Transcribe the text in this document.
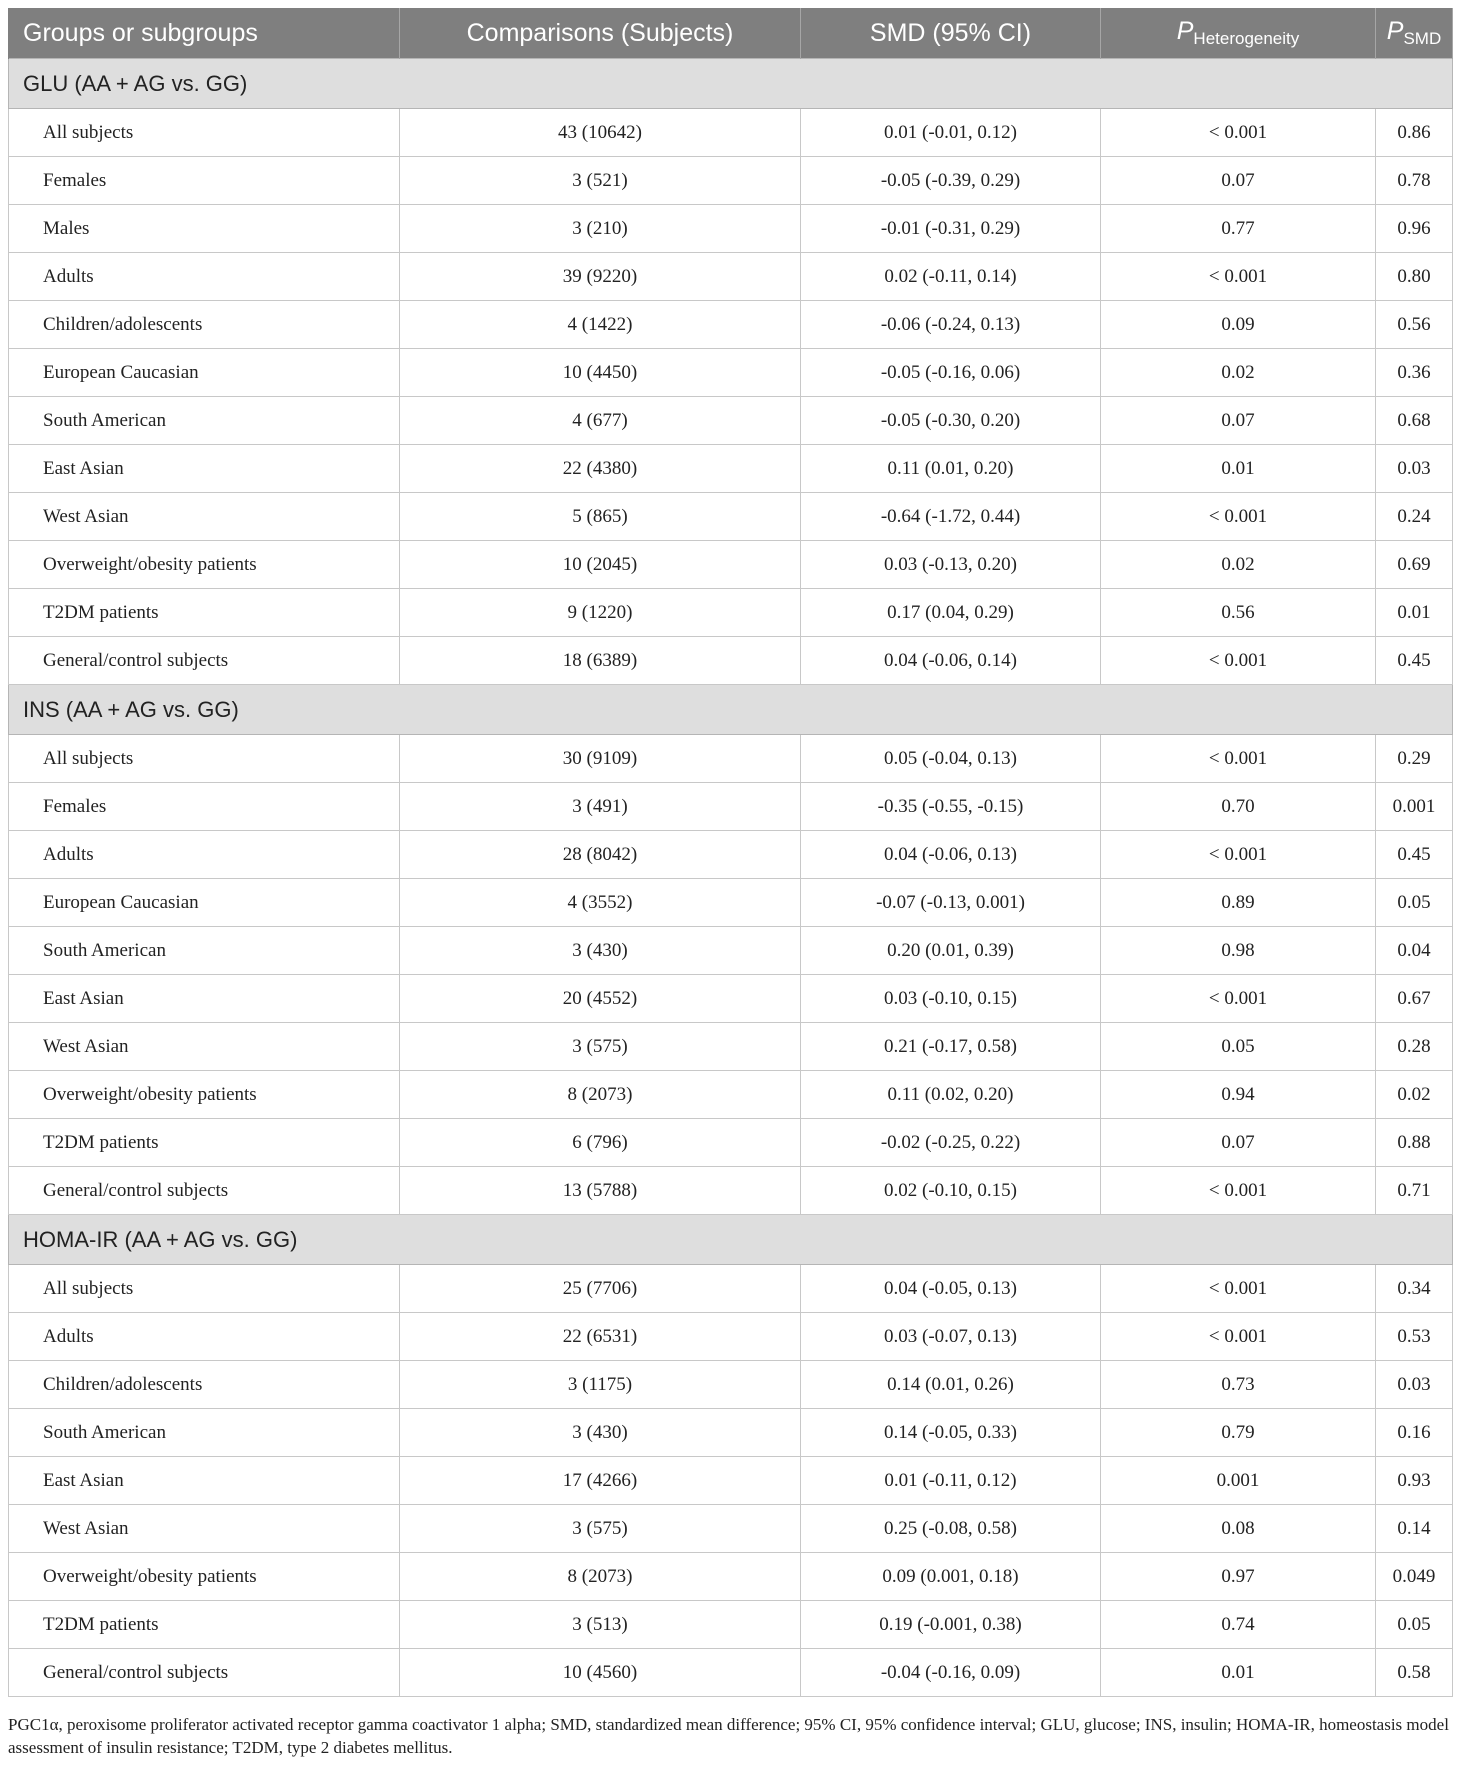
Groups or subgroups	Comparisons (Subjects)	SMD (95% CI)	$P_{Heterogeneity}$	$P_{SMD}$
GLU (AA + AG vs. GG)				
All subjects	43 (10642)	0.01 (-0.01, 0.12)	< 0.001	0.86
Females	3 (521)	-0.05 (-0.39, 0.29)	0.07	0.78
Males	3 (210)	-0.01 (-0.31, 0.29)	0.77	0.96
Adults	39 (9220)	0.02 (-0.11, 0.14)	< 0.001	0.80
Children/adolescents	4 (1422)	-0.06 (-0.24, 0.13)	0.09	0.56
European Caucasian	10 (4450)	-0.05 (-0.16, 0.06)	0.02	0.36
South American	4 (677)	-0.05 (-0.30, 0.20)	0.07	0.68
East Asian	22 (4380)	0.11 (0.01, 0.20)	0.01	0.03
West Asian	5 (865)	-0.64 (-1.72, 0.44)	< 0.001	0.24
Overweight/obesity patients	10 (2045)	0.03 (-0.13, 0.20)	0.02	0.69
T2DM patients	9 (1220)	0.17 (0.04, 0.29)	0.56	0.01
General/control subjects	18 (6389)	0.04 (-0.06, 0.14)	< 0.001	0.45
INS (AA + AG vs. GG)				
All subjects	30 (9109)	0.05 (-0.04, 0.13)	< 0.001	0.29
Females	3 (491)	-0.35 (-0.55, -0.15)	0.70	0.001
Adults	28 (8042)	0.04 (-0.06, 0.13)	< 0.001	0.45
European Caucasian	4 (3552)	-0.07 (-0.13, 0.001)	0.89	0.05
South American	3 (430)	0.20 (0.01, 0.39)	0.98	0.04
East Asian	20 (4552)	0.03 (-0.10, 0.15)	< 0.001	0.67
West Asian	3 (575)	0.21 (-0.17, 0.58)	0.05	0.28
Overweight/obesity patients	8 (2073)	0.11 (0.02, 0.20)	0.94	0.02
T2DM patients	6 (796)	-0.02 (-0.25, 0.22)	0.07	0.88
General/control subjects	13 (5788)	0.02 (-0.10, 0.15)	< 0.001	0.71
HOMA-IR (AA + AG vs. GG)				
All subjects	25 (7706)	0.04 (-0.05, 0.13)	< 0.001	0.34
Adults	22 (6531)	0.03 (-0.07, 0.13)	< 0.001	0.53
Children/adolescents	3 (1175)	0.14 (0.01, 0.26)	0.73	0.03
South American	3 (430)	0.14 (-0.05, 0.33)	0.79	0.16
East Asian	17 (4266)	0.01 (-0.11, 0.12)	0.001	0.93
West Asian	3 (575)	0.25 (-0.08, 0.58)	0.08	0.14
Overweight/obesity patients	8 (2073)	0.09 (0.001, 0.18)	0.97	0.049
T2DM patients	3 (513)	0.19 (-0.001, 0.38)	0.74	0.05
General/control subjects	10 (4560)	-0.04 (-0.16, 0.09)	0.01	0.58
PGC1α, peroxisome proliferator activated receptor gamma coactivator 1 alpha; SMD, standardized mean difference; 95% CI, 95% confidence interval; GLU, glucose; INS, insulin; HOMA-IR, homeostasis model assessment of insulin resistance; T2DM, type 2 diabetes mellitus.
